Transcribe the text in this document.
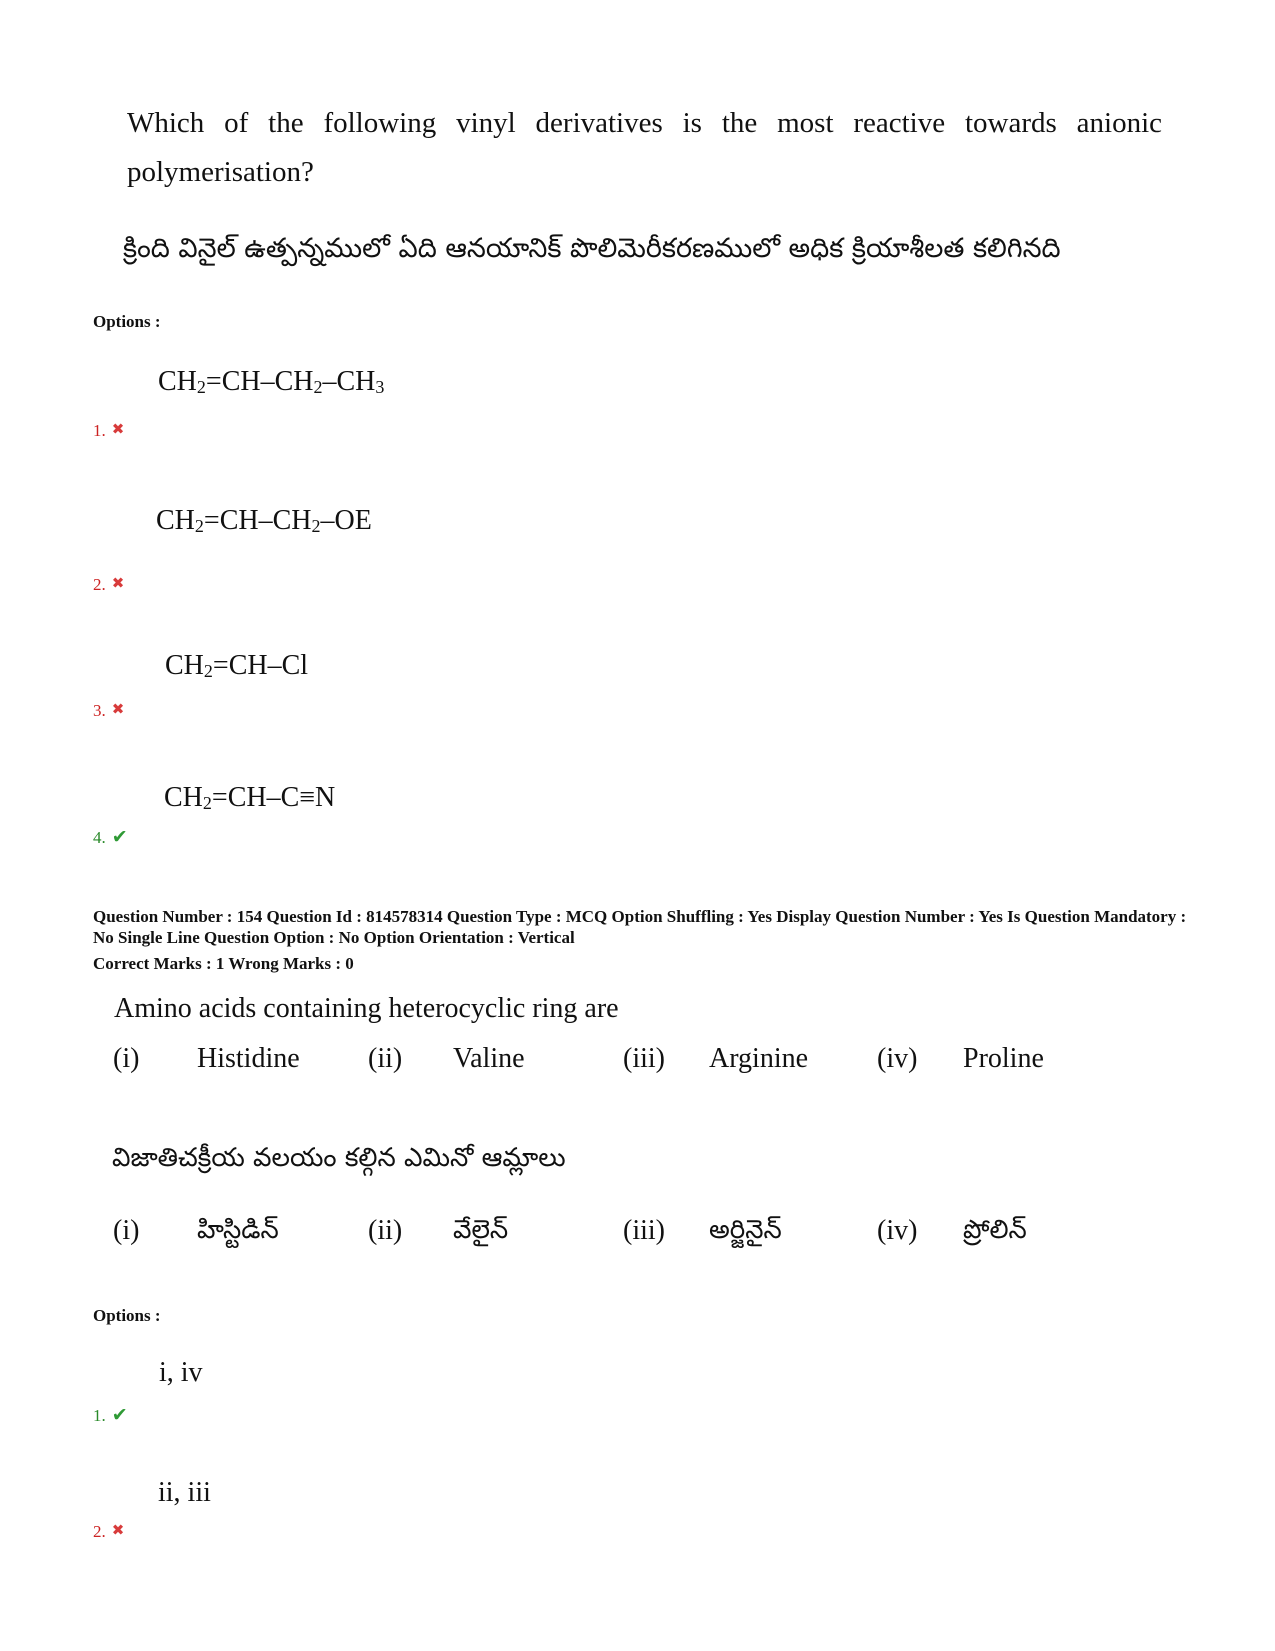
Which of the following vinyl derivatives is the most reactive towards anionic polymerisation?
క్రింది వినైల్ ఉత్పన్నములో ఏది ఆనయానిక్ పొలిమెరీకరణములో అధిక క్రియాశీలత కలిగినది
Options :
$CH_2=CH-CH_2-CH_3$
1. ✖
$CH_2=CH-CH_2-OE$
2. ✖
$CH_2=CH-Cl$
3. ✖
$CH_2=CH-C\equiv N$
4. ✔
Question Number : 154 Question Id : 814578314 Question Type : MCQ Option Shuffling : Yes Display Question Number : Yes Is Question Mandatory : No Single Line Question Option : No Option Orientation : Vertical
Correct Marks : 1 Wrong Marks : 0
Amino acids containing heterocyclic ring are
(i) Histidine (ii) Valine	(iii) Arginine (iv) Proline
విజాతిచక్రీయ వలయం కల్గిన ఎమినో ఆమ్లాలు
(i) హిస్టిడిన్	(ii) వేలైన్	(iii) అర్జినైన్	(iv) ప్రోలిన్
Options :
i, iv
1. ✔
ii, iii
2. ✖
